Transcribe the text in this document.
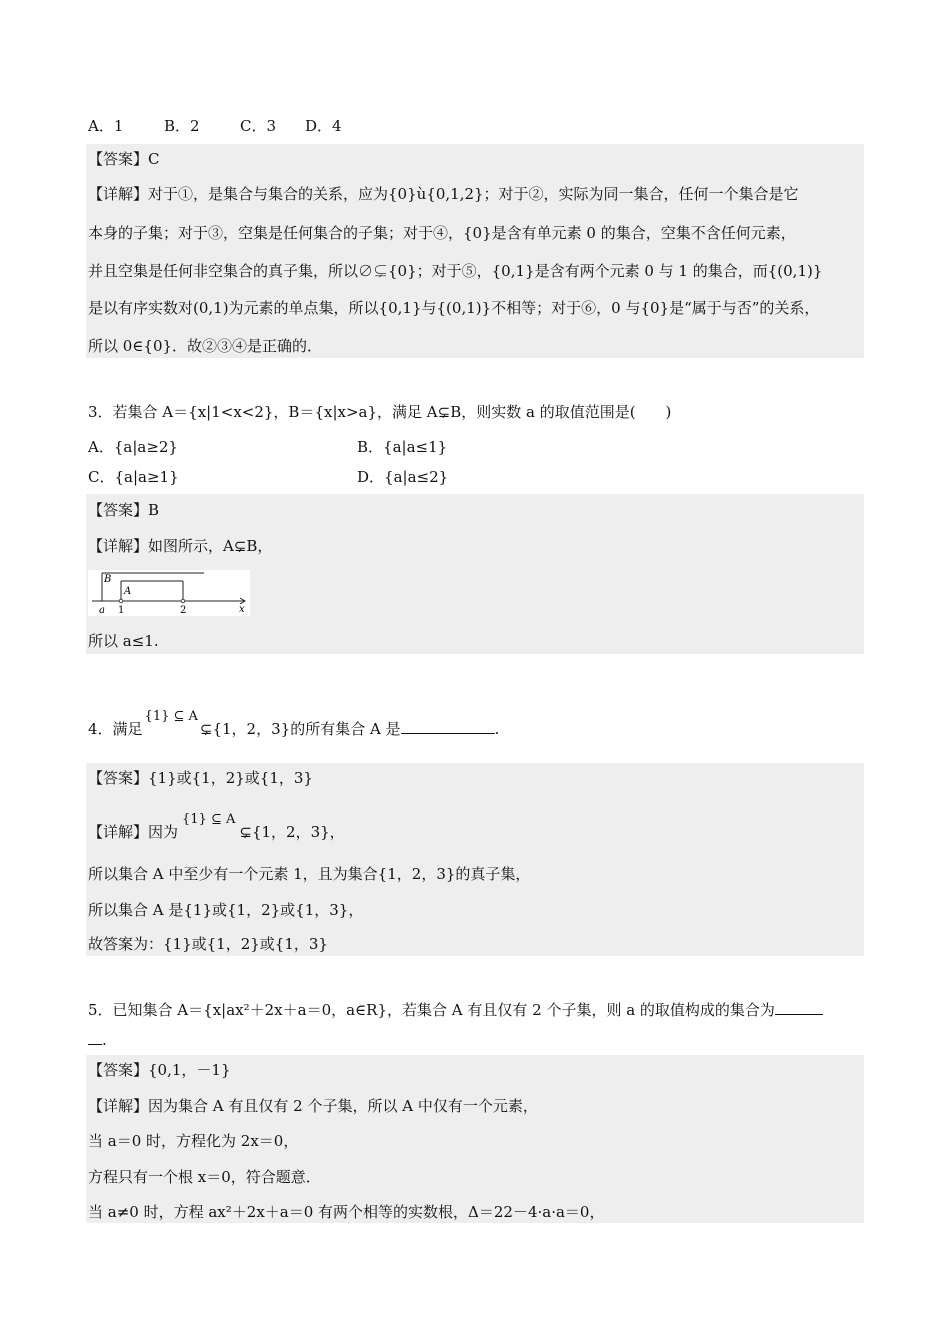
A．1	B．2	C．3 D．4
【答案】C
【详解】对于①，是集合与集合的关系，应为{0}ù{0,1,2}；对于②，实际为同一集合，任何一个集合是它
本身的子集；对于③，空集是任何集合的子集；对于④，{0}是含有单元素 0 的集合，空集不含任何元素，
并且空集是任何非空集合的真子集，所以∅⊊{0}；对于⑤，{0,1}是含有两个元素 0 与 1 的集合，而{(0,1)}
是以有序实数对(0,1)为元素的单点集，所以{0,1}与{(0,1)}不相等；对于⑥，0 与{0}是“属于与否”的关系，
所以 0∈{0}．故②③④是正确的．
3．若集合 A＝{x|1<x<2}，B＝{x|x>a}，满足 A⊊B，则实数 a 的取值范围是(　　)
A．{a|a≥2}	B．{a|a≤1}
C．{a|a≥1}	D．{a|a≤2}
【答案】B
【详解】如图所示，A⊊B，
B
A
a 1	2	x
所以 a≤1.
4．满足{1} ⊆ A⊊{1，2，3}的所有集合 A 是	.
【答案】{1}或{1，2}或{1，3}
【详解】因为{1} ⊆ A⊊{1，2，3}，
所以集合 A 中至少有一个元素 1，且为集合{1，2，3}的真子集，
所以集合 A 是{1}或{1，2}或{1，3}，
故答案为：{1}或{1，2}或{1，3}
5．已知集合 A＝{x|ax²＋2x＋a＝0，a∈R}，若集合 A 有且仅有 2 个子集，则 a 的取值构成的集合为
.
【答案】{0,1，－1}
【详解】因为集合 A 有且仅有 2 个子集，所以 A 中仅有一个元素，
当 a＝0 时，方程化为 2x＝0，
方程只有一个根 x＝0，符合题意．
当 a≠0 时，方程 ax²＋2x＋a＝0 有两个相等的实数根，Δ＝22－4·a·a＝0，
